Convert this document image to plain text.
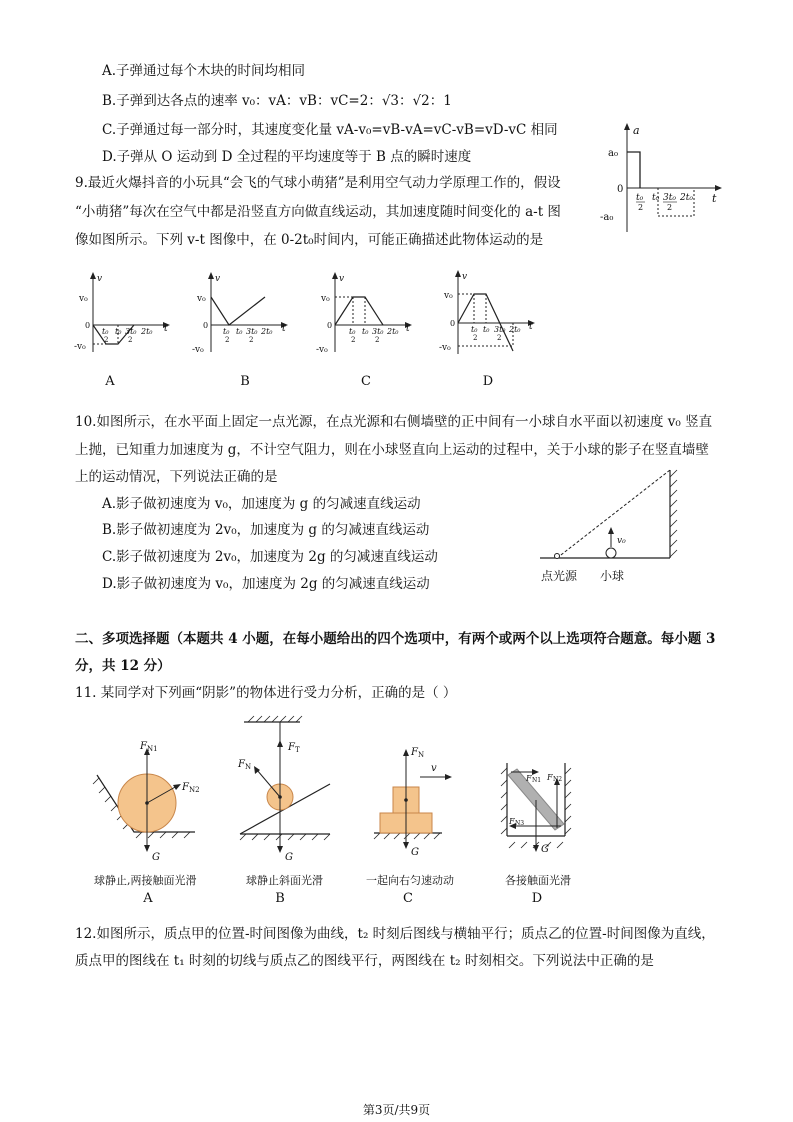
A.子弹通过每个木块的时间均相同
B.子弹到达各点的速率 v₀：vA：vB：vC=2：√3：√2：1
C.子弹通过每一部分时，其速度变化量 vA-v₀=vB-vA=vC-vB=vD-vC 相同
D.子弹从 O 运动到 D 全过程的平均速度等于 B 点的瞬时速度
9.最近火爆抖音的小玩具“会飞的气球小萌猪”是利用空气动力学原理工作的，假设
“小萌猪”每次在空气中都是沿竖直方向做直线运动，其加速度随时间变化的 a-t 图
像如图所示。下列 v-t 图像中，在 0-2t₀时间内，可能正确描述此物体运动的是
a
t
a₀
-a₀
0
t₀
2
t₀ 3t₀
2
2t₀
v
t
v₀
-v₀
0
t₀
2
t₀ 3t₀
2
2t₀
v
t
v₀
-v₀
0
t₀
2
t₀ 3t₀
2
2t₀
v
t
v₀
-v₀
0
t₀
2
t₀ 3t₀
2
2t₀
v
t
v₀
-v₀
0
t₀
2
t₀ 3t₀
2
2t₀
A	B	C	D
10.如图所示，在水平面上固定一点光源，在点光源和右侧墙壁的正中间有一小球自水平面以初速度 v₀ 竖直
上抛，已知重力加速度为 g，不计空气阻力，则在小球竖直向上运动的过程中，关于小球的影子在竖直墙壁
上的运动情况，下列说法正确的是
A.影子做初速度为 v₀，加速度为 g 的匀减速直线运动
B.影子做初速度为 2v₀，加速度为 g 的匀减速直线运动
C.影子做初速度为 2v₀，加速度为 2g 的匀减速直线运动
D.影子做初速度为 v₀，加速度为 2g 的匀减速直线运动
v₀
点光源 小球
二、多项选择题（本题共 4 小题，在每小题给出的四个选项中，有两个或两个以上选项符合题意。每小题 3
分，共 12 分）
11. 某同学对下列画“阴影”的物体进行受力分析，正确的是（ ）
F N1
F N2
G
F T
F N
G
F N
v
G
F N1 F N2
F N3
G
球静止,两接触面光滑	球静止斜面光滑	一起向右匀速动动	各接触面光滑
A	B	C	D
12.如图所示，质点甲的位置-时间图像为曲线，t₂ 时刻后图线与横轴平行；质点乙的位置-时间图像为直线，
质点甲的图线在 t₁ 时刻的切线与质点乙的图线平行，两图线在 t₂ 时刻相交。下列说法中正确的是
第3页/共9页
